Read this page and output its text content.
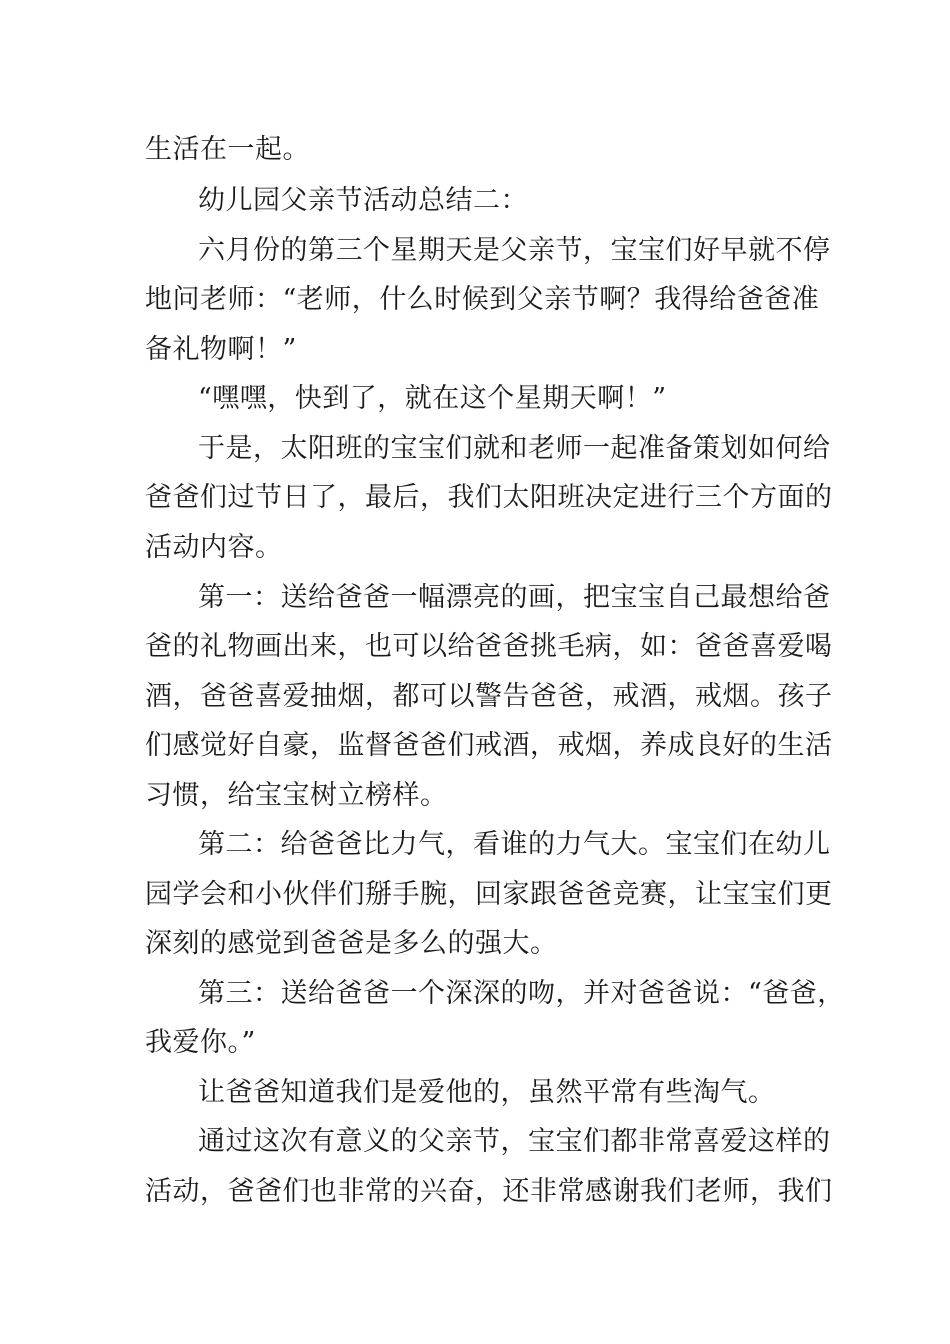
生活在一起。
幼儿园父亲节活动总结二：
六月份的第三个星期天是父亲节，宝宝们好早就不停
地问老师：“老师，什么时候到父亲节啊？我得给爸爸准
备礼物啊！”
“嘿嘿，快到了，就在这个星期天啊！”
于是，太阳班的宝宝们就和老师一起准备策划如何给
爸爸们过节日了，最后，我们太阳班决定进行三个方面的
活动内容。
第一：送给爸爸一幅漂亮的画，把宝宝自己最想给爸
爸的礼物画出来，也可以给爸爸挑毛病，如：爸爸喜爱喝
酒，爸爸喜爱抽烟，都可以警告爸爸，戒酒，戒烟。孩子
们感觉好自豪，监督爸爸们戒酒，戒烟，养成良好的生活
习惯，给宝宝树立榜样。
第二：给爸爸比力气，看谁的力气大。宝宝们在幼儿
园学会和小伙伴们掰手腕，回家跟爸爸竞赛，让宝宝们更
深刻的感觉到爸爸是多么的强大。
第三：送给爸爸一个深深的吻，并对爸爸说：“爸爸，
我爱你。”
让爸爸知道我们是爱他的，虽然平常有些淘气。
通过这次有意义的父亲节，宝宝们都非常喜爱这样的
活动，爸爸们也非常的兴奋，还非常感谢我们老师，我们
